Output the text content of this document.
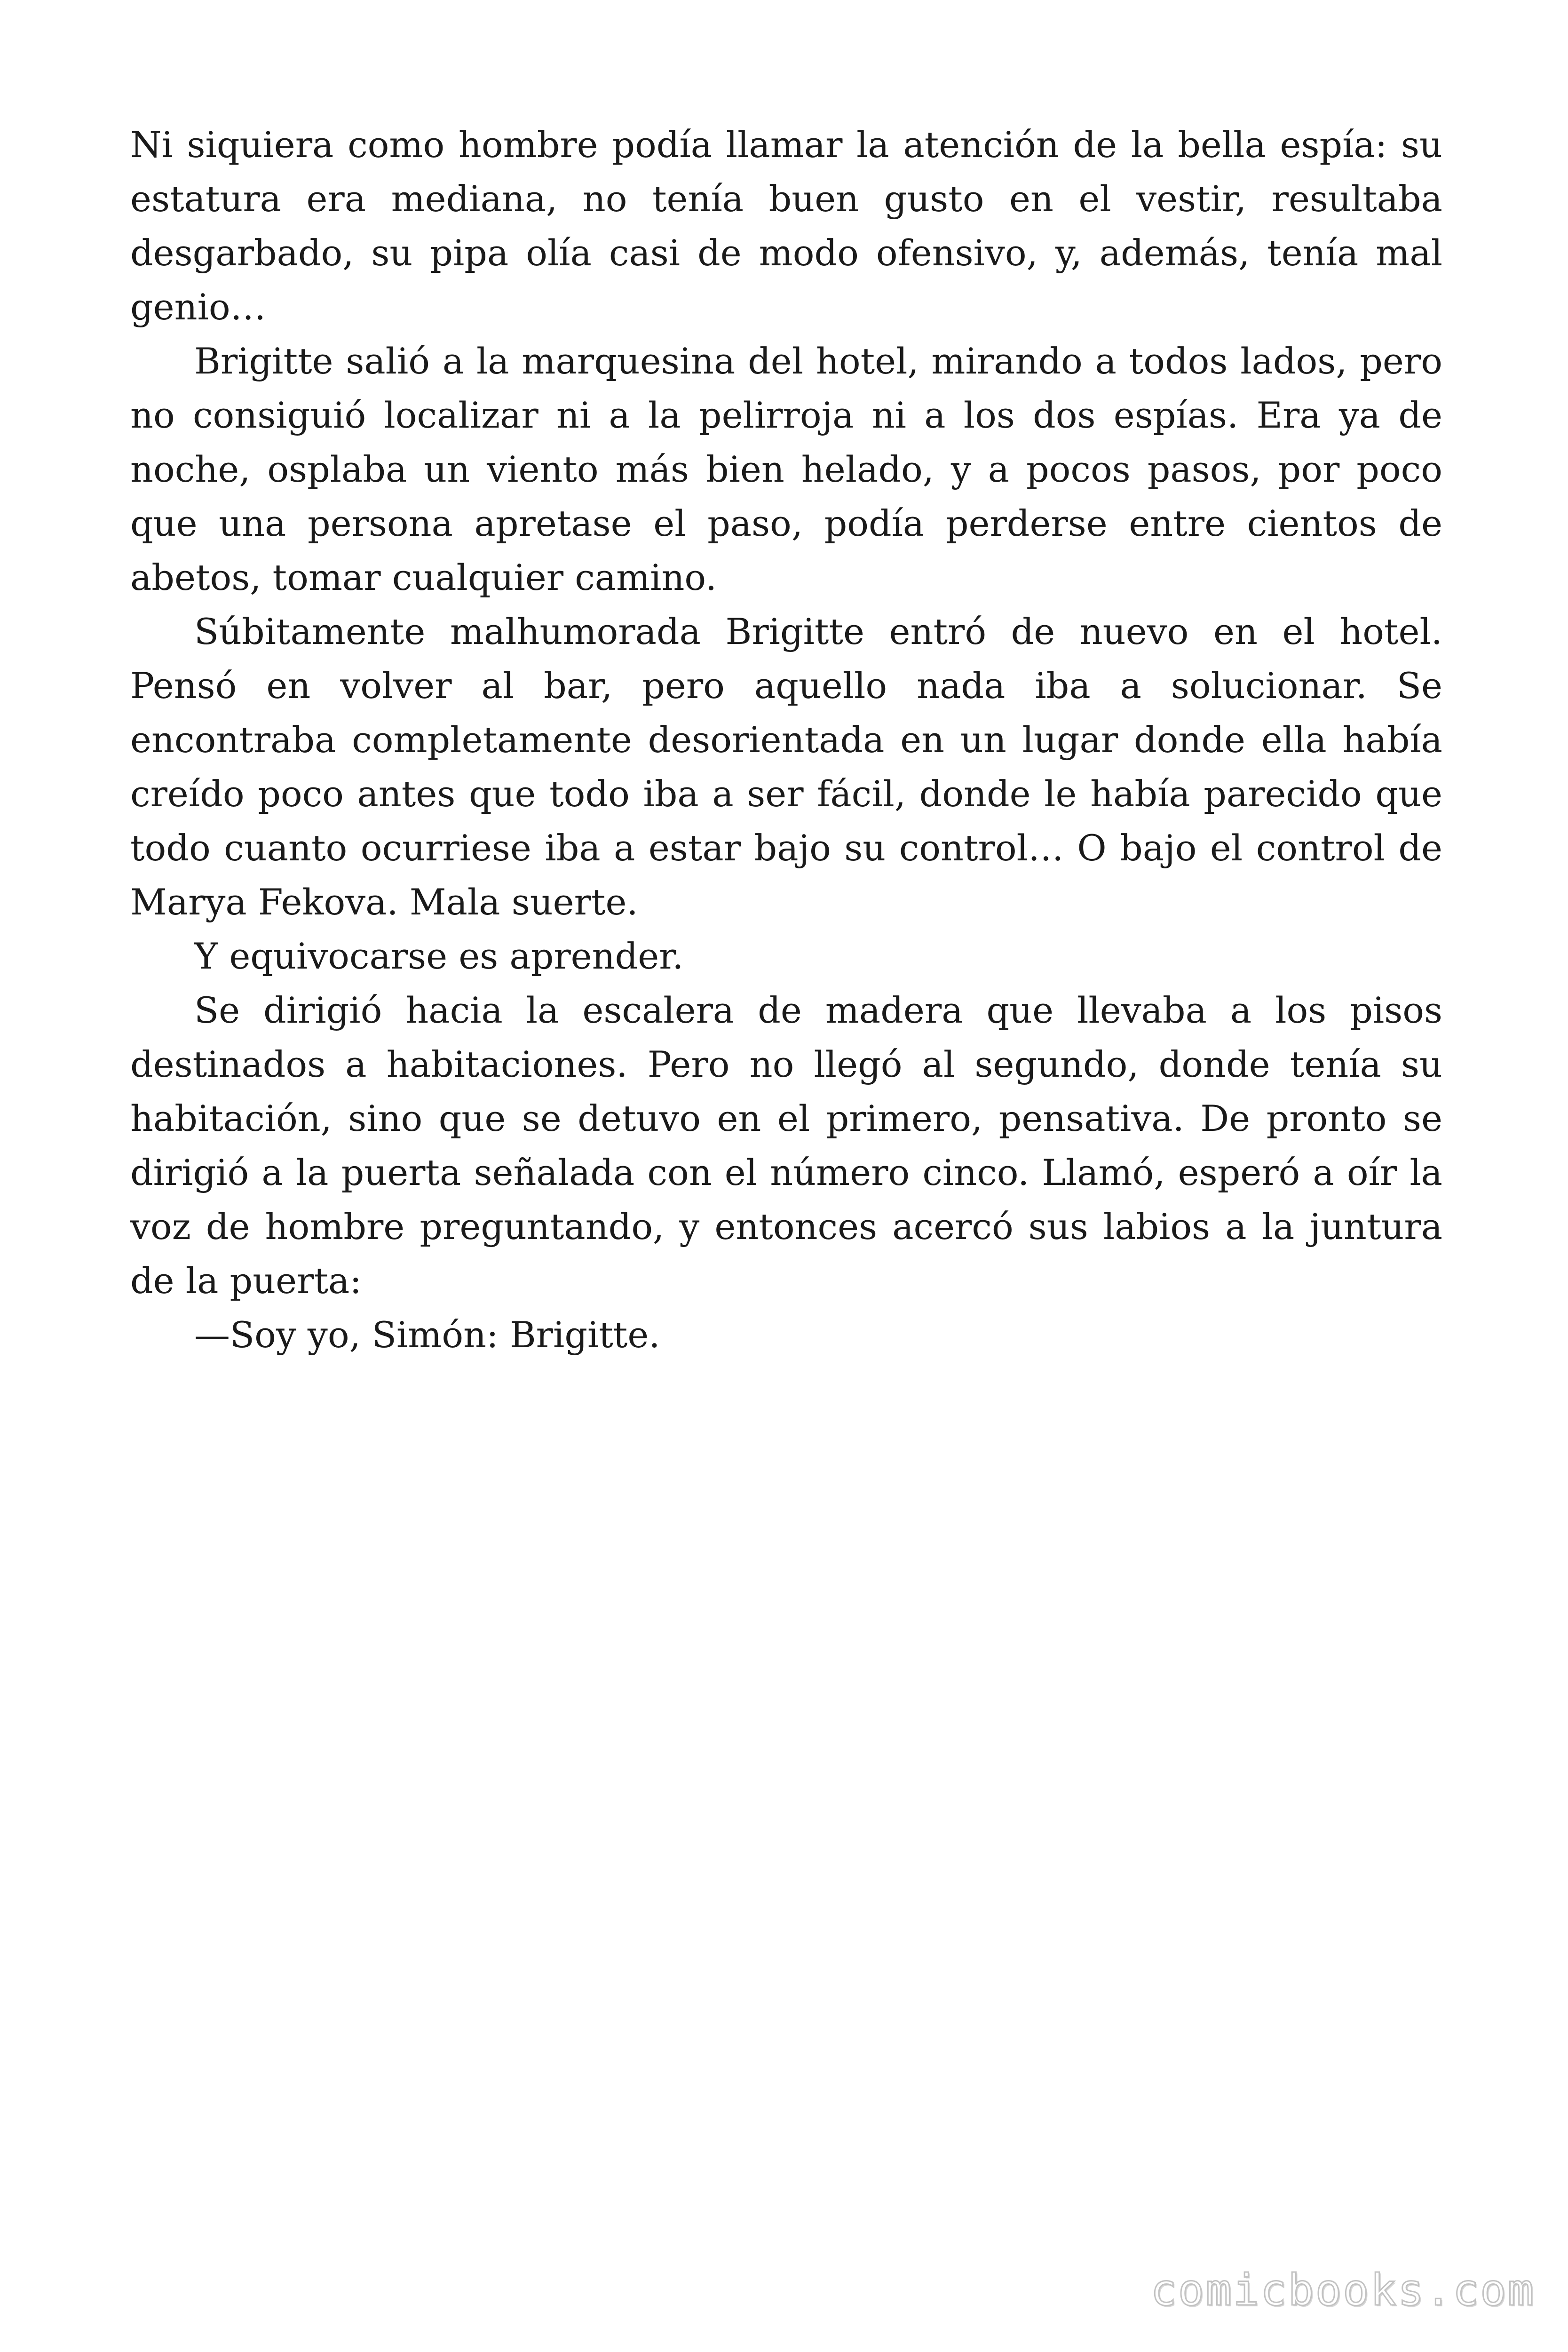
Ni siquiera como hombre podía llamar la atención de la bella espía: su estatura era mediana, no tenía buen gusto en el vestir, resultaba desgarbado, su pipa olía casi de modo ofensivo, y, además, tenía mal genio…

Brigitte salió a la marquesina del hotel, mirando a todos lados, pero no consiguió localizar ni a la pelirroja ni a los dos espías. Era ya de noche, osplaba un viento más bien helado, y a pocos pasos, por poco que una persona apretase el paso, podía perderse entre cientos de abetos, tomar cualquier camino.

Súbitamente malhumorada Brigitte entró de nuevo en el hotel. Pensó en volver al bar, pero aquello nada iba a solucionar. Se encontraba completamente desorientada en un lugar donde ella había creído poco antes que todo iba a ser fácil, donde le había parecido que todo cuanto ocurriese iba a estar bajo su control… O bajo el control de Marya Fekova. Mala suerte.

Y equivocarse es aprender.

Se dirigió hacia la escalera de madera que llevaba a los pisos destinados a habitaciones. Pero no llegó al segundo, donde tenía su habitación, sino que se detuvo en el primero, pensativa. De pronto se dirigió a la puerta señalada con el número cinco. Llamó, esperó a oír la voz de hombre preguntando, y entonces acercó sus labios a la juntura de la puerta:

—Soy yo, Simón: Brigitte.

comicbooks.com
